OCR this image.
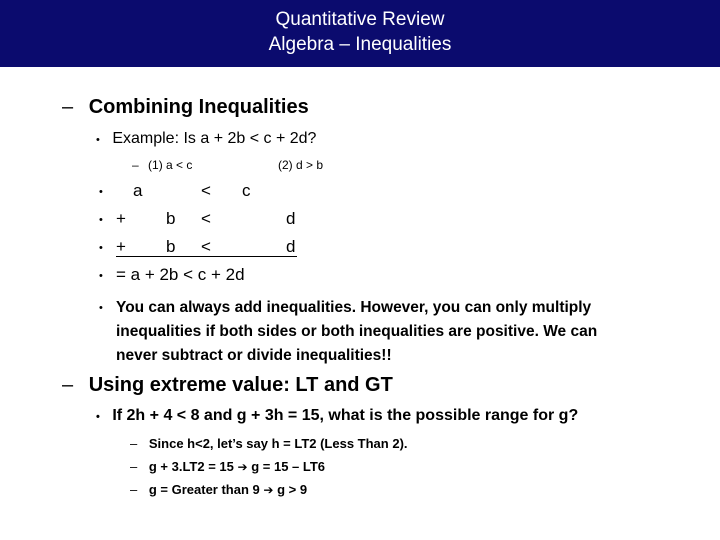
Quantitative Review
Algebra – Inequalities
– Combining Inequalities
• Example: Is a + 2b < c + 2d?
– (1) a < c	(2) d > b
• a	< c
• + b <	d
• + b <	d
• = a + 2b < c + 2d
• You can always add inequalities. However, you can only multiply
inequalities if both sides or both inequalities are positive. We can
never subtract or divide inequalities!!
– Using extreme value: LT and GT
• If 2h + 4 < 8 and g + 3h = 15, what is the possible range for g?
– Since h<2, let’s say h = LT2 (Less Than 2).
– g + 3.LT2 = 15 ➔ g = 15 – LT6
– g = Greater than 9 ➔ g > 9
